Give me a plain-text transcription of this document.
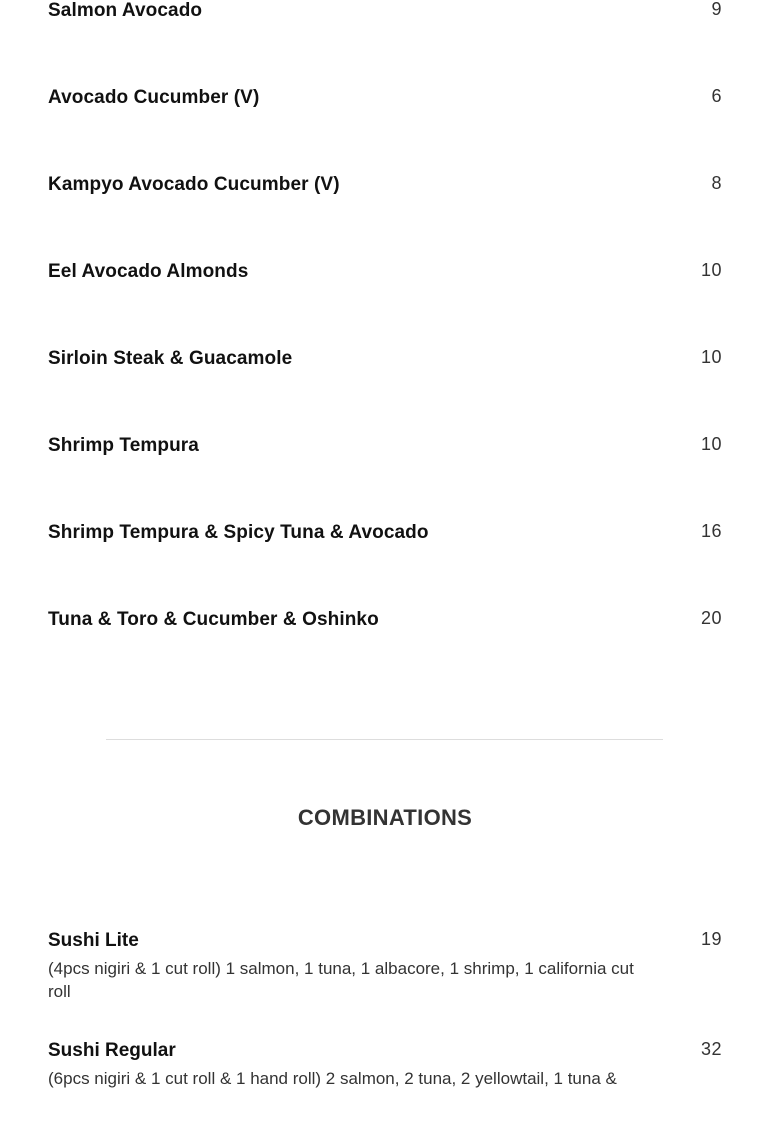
Salmon Avocado	9
Avocado Cucumber (V)	6
Kampyo Avocado Cucumber (V)	8
Eel Avocado Almonds	10
Sirloin Steak & Guacamole	10
Shrimp Tempura	10
Shrimp Tempura & Spicy Tuna & Avocado	16
Tuna & Toro & Cucumber & Oshinko	20
COMBINATIONS
Sushi Lite	19
(4pcs nigiri & 1 cut roll) 1 salmon, 1 tuna, 1 albacore, 1 shrimp, 1 california cut roll
Sushi Regular	32
(6pcs nigiri & 1 cut roll & 1 hand roll) 2 salmon, 2 tuna, 2 yellowtail, 1 tuna &
